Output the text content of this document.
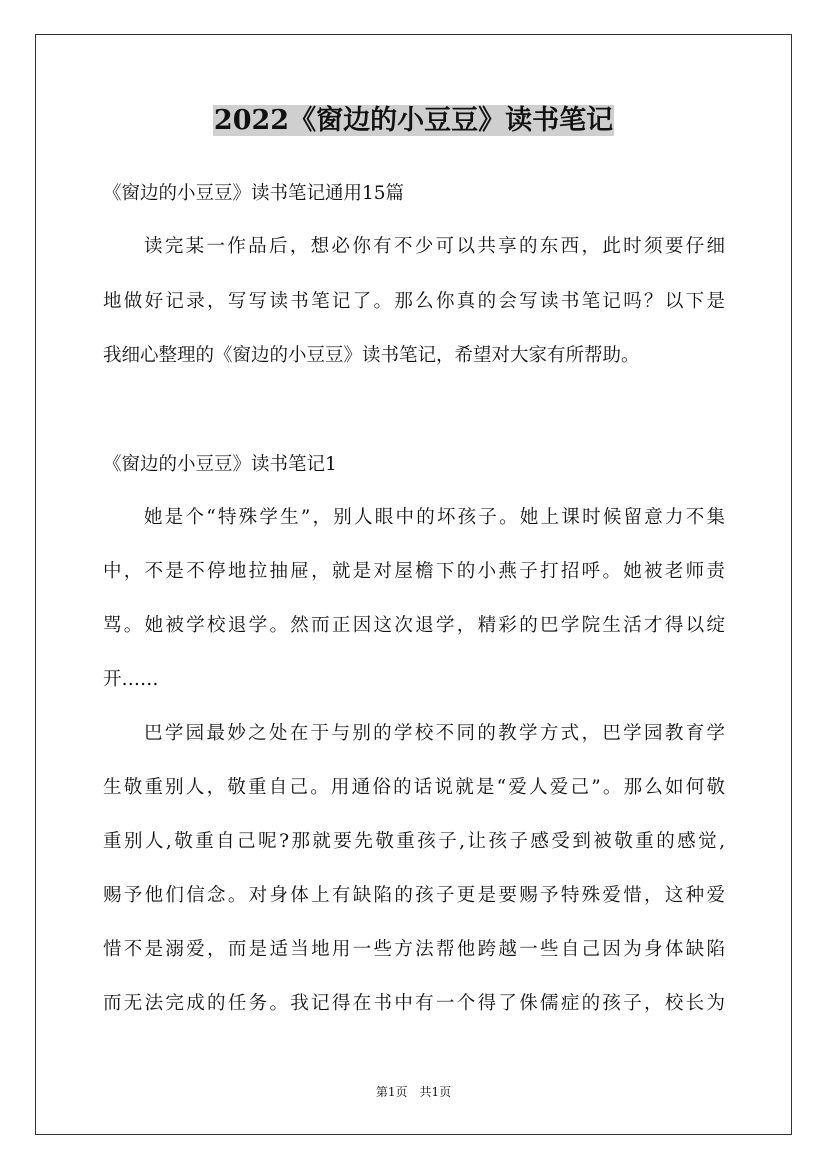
2022《窗边的小豆豆》读书笔记

《窗边的小豆豆》读书笔记通用15篇

读完某一作品后，想必你有不少可以共享的东西，此时须要仔细

地做好记录，写写读书笔记了。那么你真的会写读书笔记吗？以下是

我细心整理的《窗边的小豆豆》读书笔记，希望对大家有所帮助。

《窗边的小豆豆》读书笔记1

她是个“特殊学生”，别人眼中的坏孩子。她上课时候留意力不集

中，不是不停地拉抽屉，就是对屋檐下的小燕子打招呼。她被老师责

骂。她被学校退学。然而正因这次退学，精彩的巴学院生活才得以绽

开……

巴学园最妙之处在于与别的学校不同的教学方式，巴学园教育学

生敬重别人，敬重自己。用通俗的话说就是“爱人爱己”。那么如何敬

重别人,敬重自己呢?那就要先敬重孩子,让孩子感受到被敬重的感觉,

赐予他们信念。对身体上有缺陷的孩子更是要赐予特殊爱惜，这种爱

惜不是溺爱，而是适当地用一些方法帮他跨越一些自己因为身体缺陷

而无法完成的任务。我记得在书中有一个得了侏儒症的孩子，校长为

第1页　共1页
